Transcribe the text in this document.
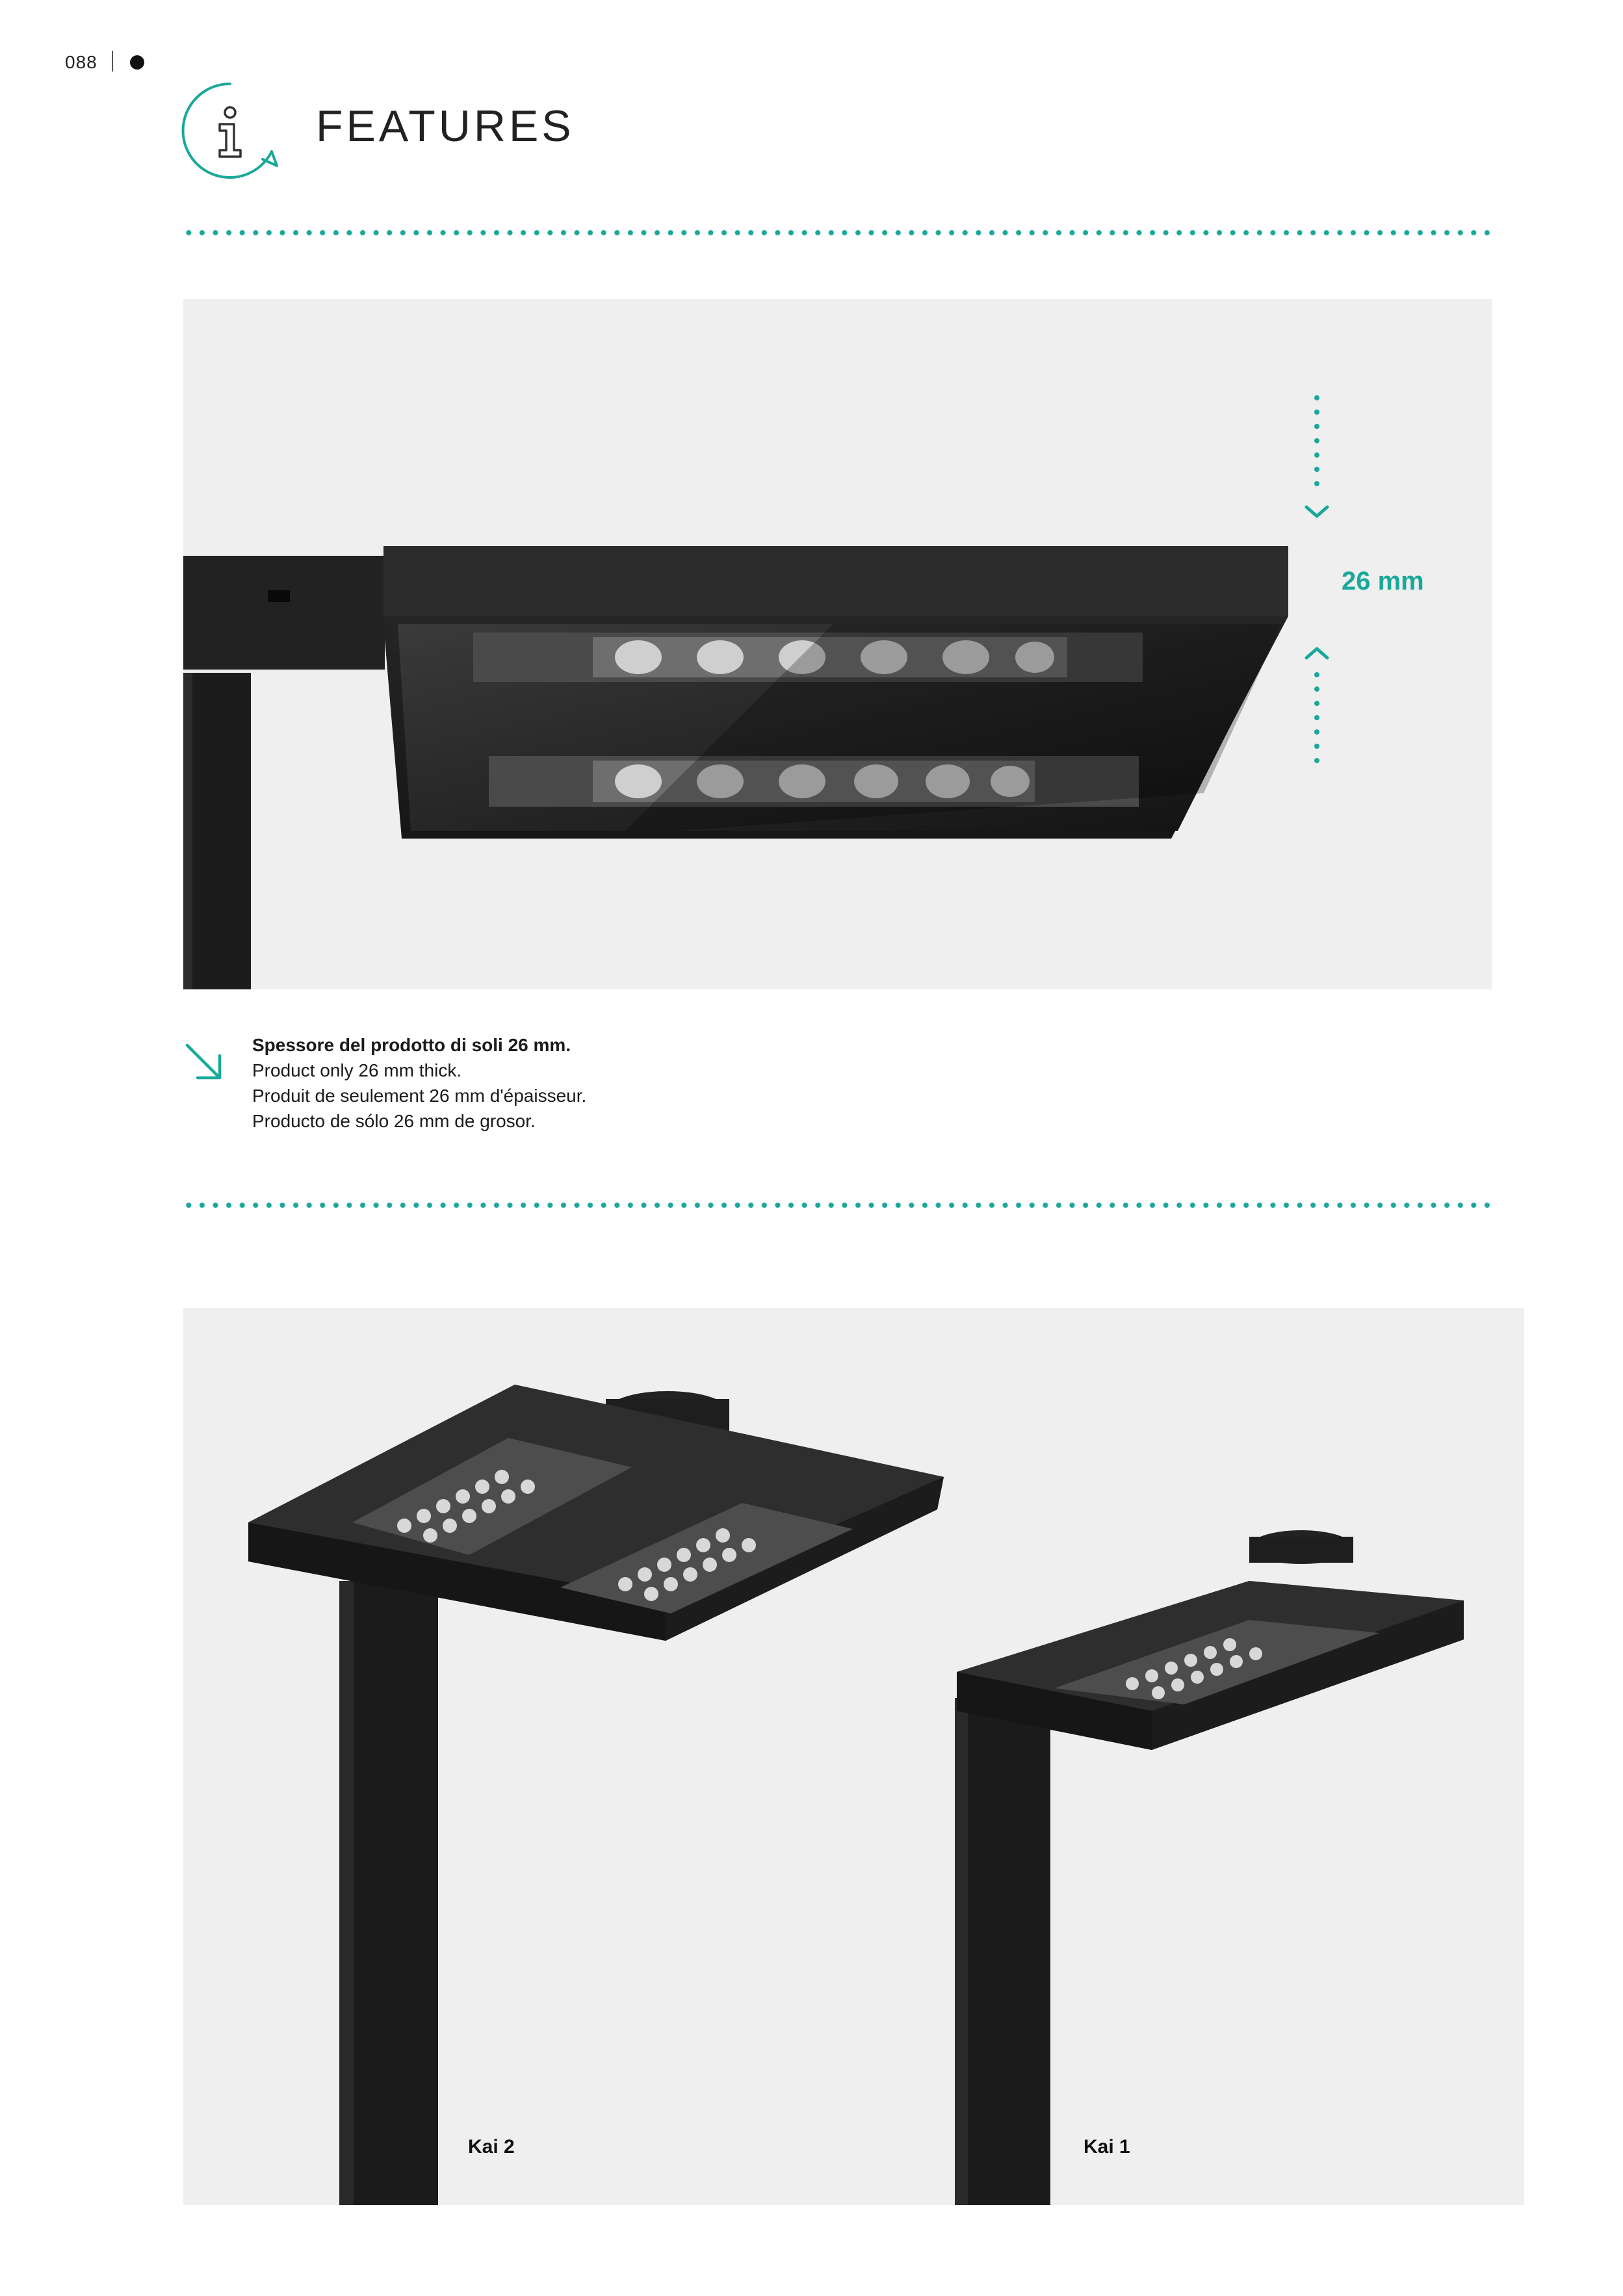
088
FEATURES
26 mm
Spessore del prodotto di soli 26 mm.
Product only 26 mm thick.
Produit de seulement 26 mm d'épaisseur.
Producto de sólo 26 mm de grosor.
Kai 2	Kai 1
